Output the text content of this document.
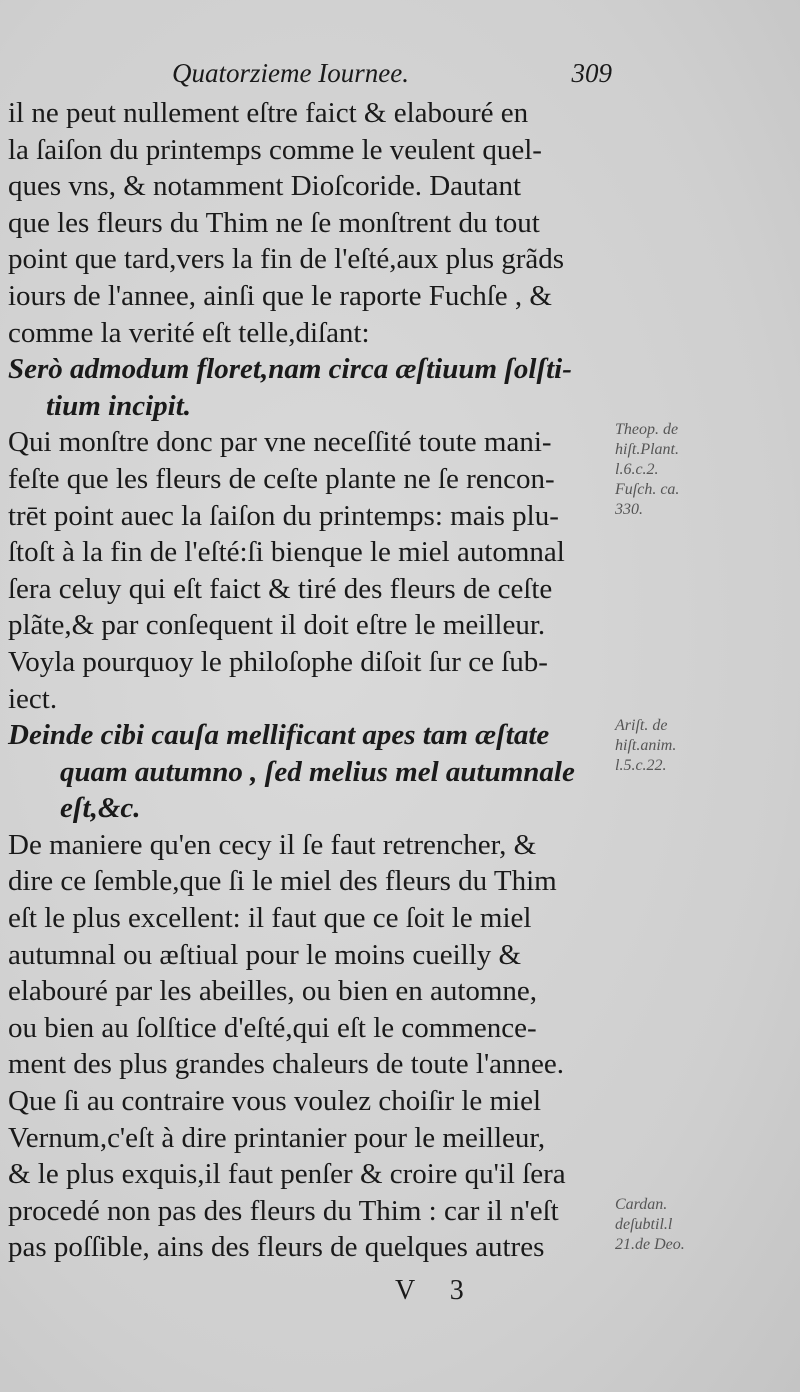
Quatorzieme Iournee.	309
il ne peut nullement eſtre faict & elabouré en
la ſaiſon du printemps comme le veulent quel-
ques vns, & notamment Dioſcoride. Dautant
que les fleurs du Thim ne ſe monſtrent du tout
point que tard,vers la fin de l'eſté,aux plus grãds
iours de l'annee, ainſi que le raporte Fuchſe , &
comme la verité eſt telle,diſant:
Serò admodum floret,nam circa æſtiuum ſolſti-
tium incipit.
Qui monſtre donc par vne neceſſité toute mani-
feſte que les fleurs de ceſte plante ne ſe rencon-
trēt point auec la ſaiſon du printemps: mais plu-
ſtoſt à la fin de l'eſté:ſi bienque le miel automnal
ſera celuy qui eſt faict & tiré des fleurs de ceſte
plãte,& par conſequent il doit eſtre le meilleur.
Voyla pourquoy le philoſophe diſoit ſur ce ſub-
iect.
Deinde cibi cauſa mellificant apes tam æſtate
quam autumno , ſed melius mel autumnale
eſt,&c.
De maniere qu'en cecy il ſe faut retrencher, &
dire ce ſemble,que ſi le miel des fleurs du Thim
eſt le plus excellent: il faut que ce ſoit le miel
autumnal ou æſtiual pour le moins cueilly &
elabouré par les abeilles, ou bien en automne,
ou bien au ſolſtice d'eſté,qui eſt le commence-
ment des plus grandes chaleurs de toute l'annee.
Que ſi au contraire vous voulez choiſir le miel
Vernum,c'eſt à dire printanier pour le meilleur,
& le plus exquis,il faut penſer & croire qu'il ſera
procedé non pas des fleurs du Thim : car il n'eſt
pas poſſible, ains des fleurs de quelques autres
Theop. de
hiſt.Plant.
l.6.c.2.
Fuſch. ca.
330.
Ariſt. de
hiſt.anim.
l.5.c.22.
Cardan.
deſubtil.l
21.de Deo.
V 3
